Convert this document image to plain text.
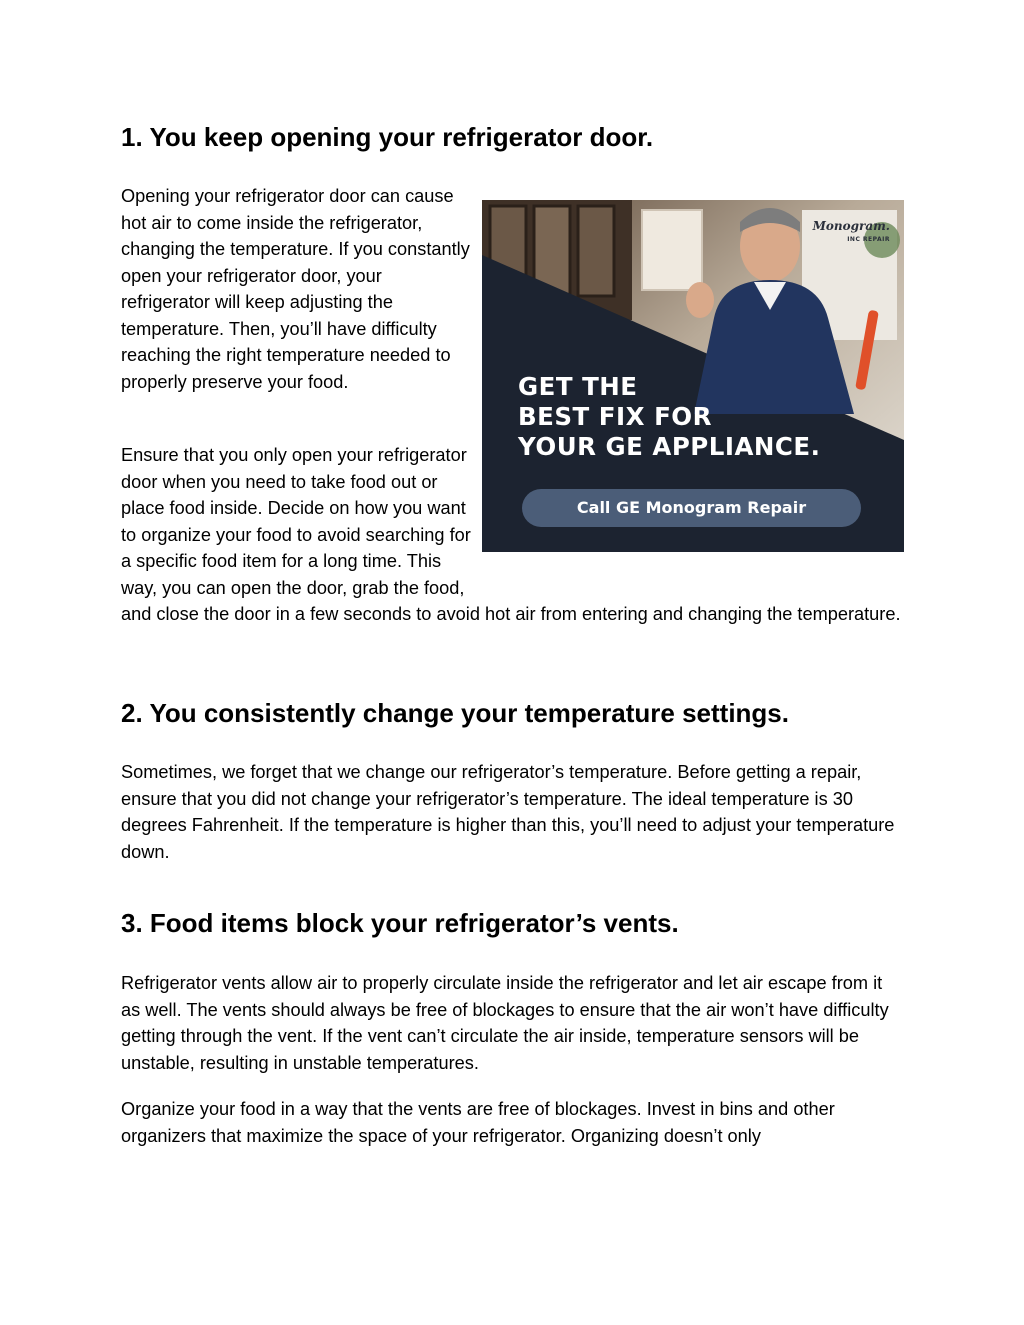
1. You keep opening your refrigerator door.

Opening your refrigerator door can cause hot air to come inside the refrigerator, changing the temperature. If you constantly open your refrigerator door, your refrigerator will keep adjusting the temperature. Then, you’ll have difficulty reaching the right temperature needed to properly preserve your food.

Ensure that you only open your refrigerator door when you need to take food out or place food inside. Decide on how you want to organize your food to avoid searching for a specific food item for a long time. This way, you can open the door, grab the food, and close the door in a few seconds to avoid hot air from entering and changing the temperature.

2. You consistently change your temperature settings.

Sometimes, we forget that we change our refrigerator’s temperature. Before getting a repair, ensure that you did not change your refrigerator’s temperature. The ideal temperature is 30 degrees Fahrenheit. If the temperature is higher than this, you’ll need to adjust your temperature down.

3. Food items block your refrigerator’s vents.

Refrigerator vents allow air to properly circulate inside the refrigerator and let air escape from it as well. The vents should always be free of blockages to ensure that the air won’t have difficulty getting through the vent. If the vent can’t circulate the air inside, temperature sensors will be unstable, resulting in unstable temperatures.

Organize your food in a way that the vents are free of blockages. Invest in bins and other organizers that maximize the space of your refrigerator. Organizing doesn’t only

Monogram.
INC REPAIR
GET THE
BEST FIX FOR
YOUR GE APPLIANCE.
Call GE Monogram Repair
